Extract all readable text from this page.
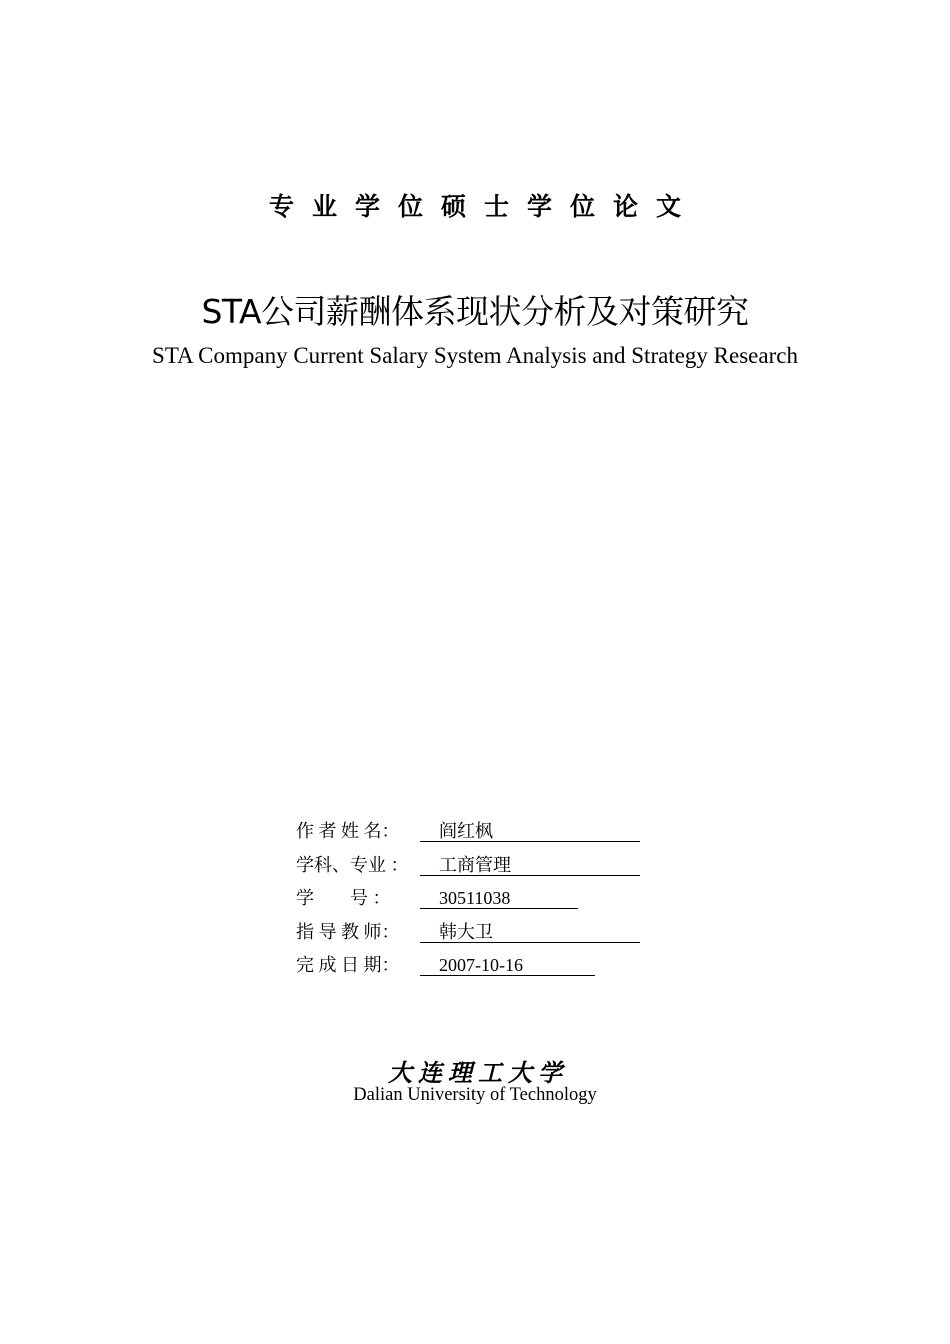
专业学位硕士学位论文
STA公司薪酬体系现状分析及对策研究
STA Company Current Salary System Analysis and Strategy Research
作 者 姓 名：	阎红枫
学科、专业 ：	工商管理
学        号 ：	30511038
指 导 教 师：	韩大卫
完 成 日 期：	2007-10-16
大连理工大学
Dalian University of Technology
